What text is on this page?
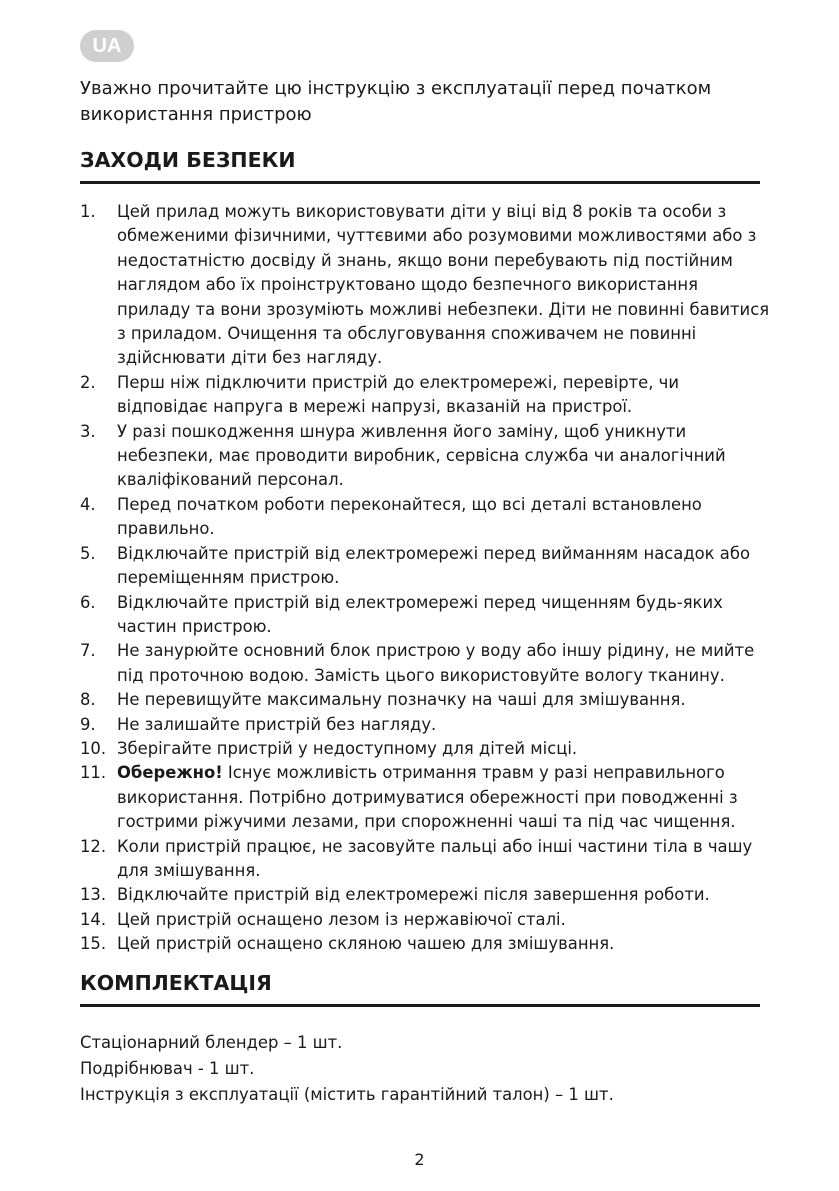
UA
Уважно прочитайте цю інструкцію з експлуатації перед початком використання пристрою
ЗАХОДИ БЕЗПЕКИ
1. Цей прилад можуть використовувати діти у віці від 8 років та особи з обмеженими фізичними, чуттєвими або розумовими можливостями або з недостатністю досвіду й знань, якщо вони перебувають під постійним наглядом або їх проінструктовано щодо безпечного використання приладу та вони зрозуміють можливі небезпеки. Діти не повинні бавитися з приладом. Очищення та обслуговування споживачем не повинні здійснювати діти без нагляду.
2. Перш ніж підключити пристрій до електромережі, перевірте, чи відповідає напруга в мережі напрузі, вказаній на пристрої.
3. У разі пошкодження шнура живлення його заміну, щоб уникнути небезпеки, має проводити виробник, сервісна служба чи аналогічний кваліфікований персонал.
4. Перед початком роботи переконайтеся, що всі деталі встановлено правильно.
5. Відключайте пристрій від електромережі перед вийманням насадок або переміщенням пристрою.
6. Відключайте пристрій від електромережі перед чищенням будь-яких частин пристрою.
7. Не занурюйте основний блок пристрою у воду або іншу рідину, не мийте під проточною водою. Замість цього використовуйте вологу тканину.
8. Не перевищуйте максимальну позначку на чаші для змішування.
9. Не залишайте пристрій без нагляду.
10. Зберігайте пристрій у недоступному для дітей місці.
11. Обережно! Існує можливість отримання травм у разі неправильного використання. Потрібно дотримуватися обережності при поводженні з гострими ріжучими лезами, при спорожненні чаші та під час чищення.
12. Коли пристрій працює, не засовуйте пальці або інші частини тіла в чашу для змішування.
13. Відключайте пристрій від електромережі після завершення роботи.
14. Цей пристрій оснащено лезом із нержавіючої сталі.
15. Цей пристрій оснащено скляною чашею для змішування.
КОМПЛЕКТАЦІЯ
Стаціонарний блендер – 1 шт.
Подрібнювач - 1 шт.
Інструкція з експлуатації (містить гарантійний талон) – 1 шт.
2
